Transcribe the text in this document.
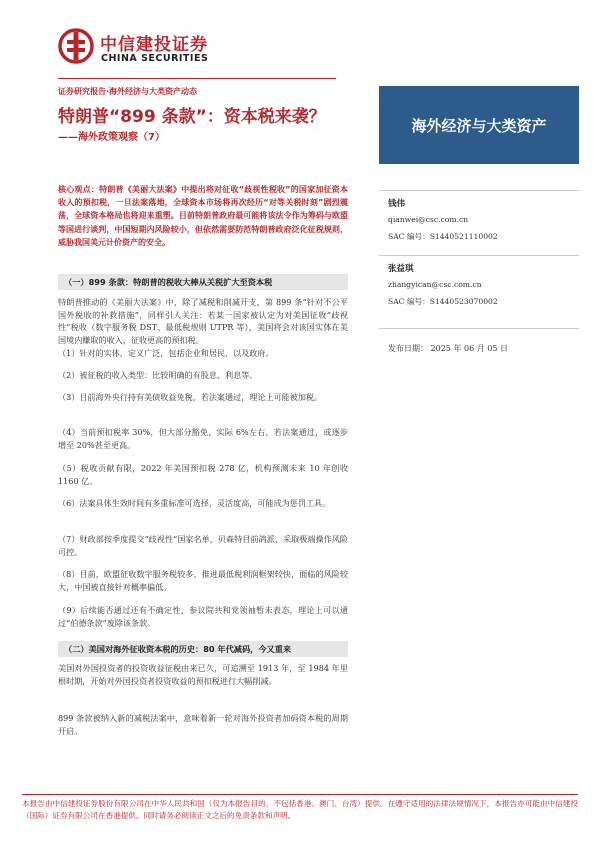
中信建投证券
CHINA SECURITIES
证券研究报告·海外经济与大类资产动态
特朗普“899 条款”：资本税来袭？
——海外政策观察（7）
海外经济与大类资产
核心观点：特朗普《美丽大法案》中提出将对征收“歧视性税收”的国家加征资本收入的预扣税，一旦法案落地，全球资本市场将再次经历“对等关税时刻”剧烈震荡，全球资本格局也将迎来重塑。目前特朗普政府最可能将该法令作为筹码与欧盟等国进行谈判，中国短期内风险较小，但依然需要防范特朗普政府泛化征税规则，威胁我国美元计价资产的安全。
（一）899 条款：特朗普的税收大棒从关税扩大至资本税
特朗普推动的《美丽大法案》中，除了减税和削减开支，第 899 条“针对不公平国外税收的补救措施”，同样引人关注：若某一国家被认定为对美国征收“歧视性”税收（数字服务税 DST、最低税规则 UTPR 等），美国将会对该国实体在美国境内赚取的收入，征收更高的预扣税。
（1）针对的实体，定义广泛，包括企业和居民、以及政府。
（2）被征税的收入类型：比较明确的有股息、利息等。
（3）目前海外央行持有美债收益免税，若法案通过，理论上可能被加税。
（4）当前预扣税率 30%，但大部分豁免，实际 6%左右，若法案通过，或逐步增至 20%甚至更高。
（5）税收贡献有限，2022 年美国预扣税 278 亿，机构预测未来 10 年创收 1160 亿。
（6）法案具体生效时间有多重标准可选择，灵活度高，可能成为惩罚工具。
（7）财政部按季度提交“歧视性”国家名单，贝森特目前鸽派，采取极端操作风险可控。
（8）目前，欧盟征收数字服务税较多、推进最低税利润框架较快，面临的风险较大，中国被直接针对概率偏低。
（9）后续能否通过还有不确定性，参议院共和党领袖暂未表态，理论上可以通过“伯德条款”废除该条款。
（二）美国对海外征收资本税的历史：80 年代减码，今又重来
美国对外国投资者的投资收益征税由来已久，可追溯至 1913 年，至 1984 年里根时期，开始对外国投资者投资收益的预扣税进行大幅削减。
899 条款被纳入新的减税法案中，意味着新一轮对海外投资者加码资本税的周期开启。
钱伟
qianwei@csc.com.cn
SAC 编号：S1440521110002
张益琪
zhangyican@csc.com.cn
SAC 编号：S1440523070002
发布日期： 2025 年 06 月 05 日
本报告由中信建投证券股份有限公司在中华人民共和国（仅为本报告目的，不包括香港、澳门、台湾）提供。在遵守适用的法律法规情况下，本报告亦可能由中信建投（国际）证券有限公司在香港提供。同时请务必阅读正文之后的免责条款和声明。
